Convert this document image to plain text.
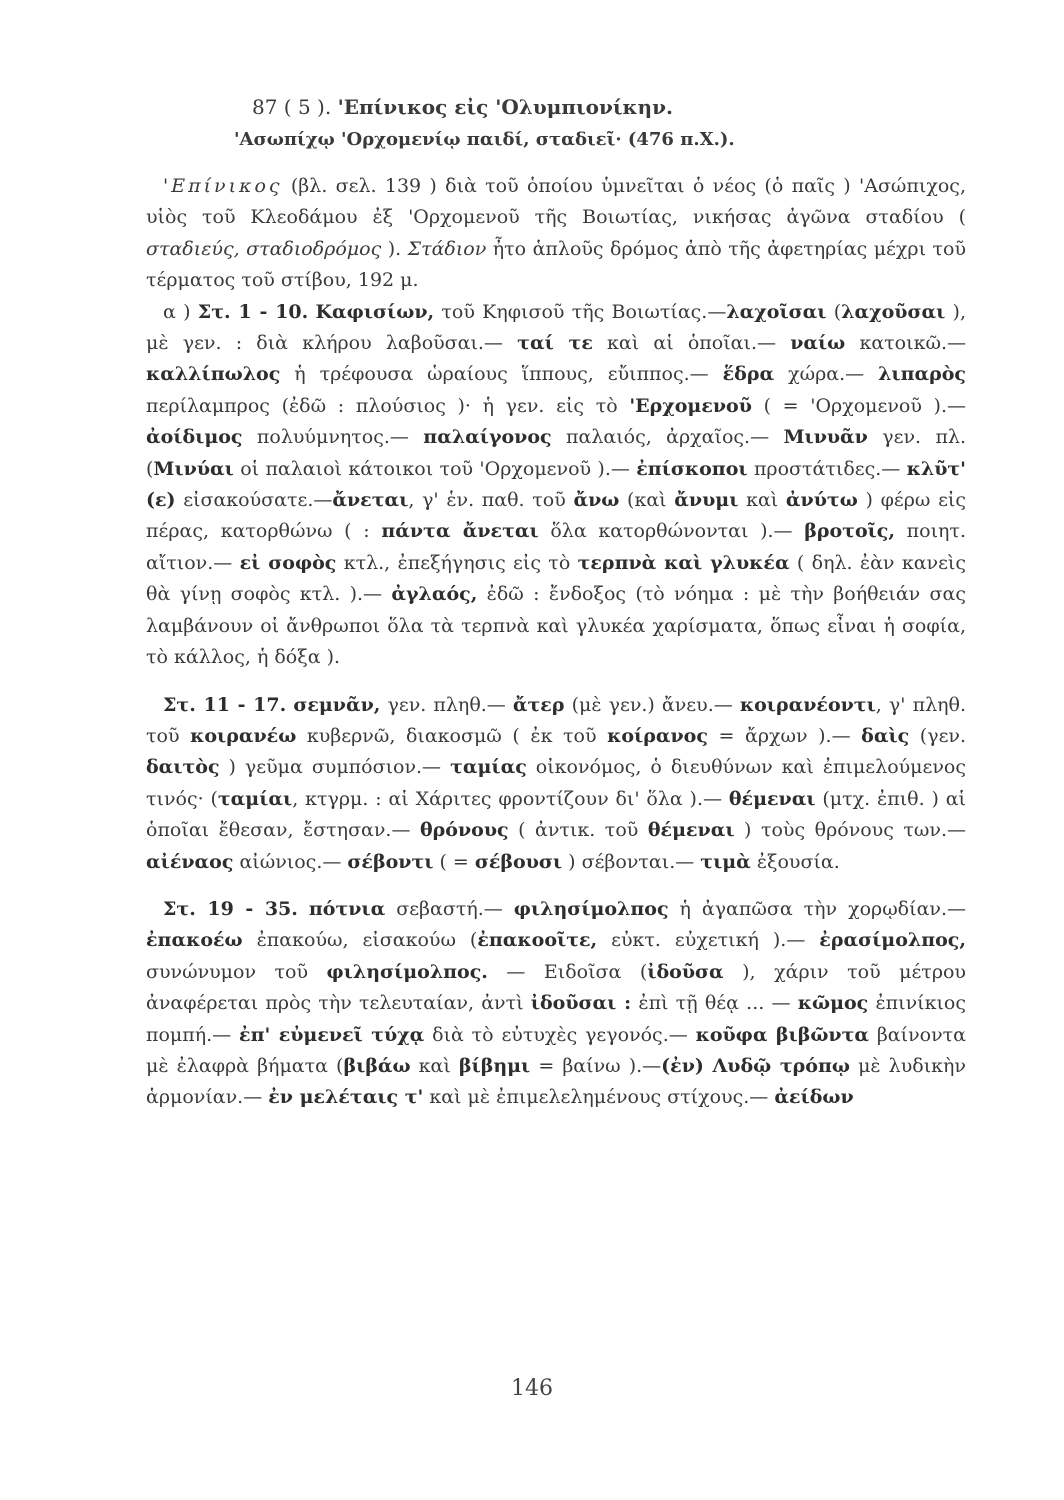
87 ( 5 ). 'Επίνικος εἰς 'Ολυμπιονίκην.
'Ασωπίχῳ 'Ορχομενίῳ παιδί, σταδιεῖ· (476 π.Χ.).

'Επίνικος (βλ. σελ. 139 ) διὰ τοῦ ὁποίου ὑμνεῖται ὁ νέος (ὁ παῖς ) 'Ασώπιχος, υἱὸς τοῦ Κλεοδάμου ἐξ 'Ορχομενοῦ τῆς Βοιωτίας, νικήσας ἀγῶνα σταδίου ( σταδιεύς, σταδιοδρόμος ). Στάδιον ἦτο ἁπλοῦς δρόμος ἀπὸ τῆς ἀφετηρίας μέχρι τοῦ τέρματος τοῦ στίβου, 192 μ.

α ) Στ. 1 - 10. Καφισίων, τοῦ Κηφισοῦ τῆς Βοιωτίας.—λαχοῖσαι (λαχοῦσαι ), μὲ γεν. : διὰ κλήρου λαβοῦσαι.— ταί τε καὶ αἱ ὁποῖαι.— ναίω κατοικῶ.— καλλίπωλος ἡ τρέφουσα ὡραίους ἵππους, εὔιππος.— ἕδρα χώρα.— λιπαρὸς περίλαμπρος (ἐδῶ : πλούσιος )· ἡ γεν. εἰς τὸ 'Ερχομενοῦ ( = 'Ορχομενοῦ ).— ἀοίδιμος πολυύμνητος.— παλαίγονος παλαιός, ἀρχαῖος.— Μινυᾶν γεν. πλ. (Μινύαι οἱ παλαιοὶ κάτοικοι τοῦ 'Ορχομενοῦ ).— ἐπίσκοποι προστάτιδες.— κλῦτ' (ε) εἰσακούσατε.—ἄνεται, γ' ἑν. παθ. τοῦ ἄνω (καὶ ἄνυμι καὶ ἀνύτω ) φέρω εἰς πέρας, κατορθώνω ( : πάντα ἄνεται ὅλα κατορθώνονται ).— βροτοῖς, ποιητ. αἴτιον.— εἰ σοφὸς κτλ., ἐπεξήγησις εἰς τὸ τερπνὰ καὶ γλυκέα ( δηλ. ἐὰν κανεὶς θὰ γίνῃ σοφὸς κτλ. ).— ἀγλαός, ἐδῶ : ἔνδοξος (τὸ νόημα : μὲ τὴν βοήθειάν σας λαμβάνουν οἱ ἄνθρωποι ὅλα τὰ τερπνὰ καὶ γλυκέα χαρίσματα, ὅπως εἶναι ἡ σοφία, τὸ κάλλος, ἡ δόξα ).

Στ. 11 - 17. σεμνᾶν, γεν. πληθ.— ἄτερ (μὲ γεν.) ἄνευ.— κοιρανέοντι, γ' πληθ. τοῦ κοιρανέω κυβερνῶ, διακοσμῶ ( ἐκ τοῦ κοίρανος = ἄρχων ).— δαὶς (γεν. δαιτὸς ) γεῦμα συμπόσιον.— ταμίας οἰκονόμος, ὁ διευθύνων καὶ ἐπιμελούμενος τινός· (ταμίαι, κτγρμ. : αἱ Χάριτες φροντίζουν δι' ὅλα ).— θέμεναι (μτχ. ἐπιθ. ) αἱ ὁποῖαι ἔθεσαν, ἔστησαν.— θρόνους ( ἀντικ. τοῦ θέμεναι ) τοὺς θρόνους των.— αἰέναος αἰώνιος.— σέβοντι ( = σέβουσι ) σέβονται.— τιμὰ ἐξουσία.

Στ. 19 - 35. πότνια σεβαστή.— φιλησίμολπος ἡ ἀγαπῶσα τὴν χορῳδίαν.— ἐπακοέω ἐπακούω, εἰσακούω (ἐπακοοῖτε, εὐκτ. εὐχετική ).— ἐρασίμολπος, συνώνυμον τοῦ φιλησίμολπος. — Ειδοῖσα (ἰδοῦσα ), χάριν τοῦ μέτρου ἀναφέρεται πρὸς τὴν τελευταίαν, ἀντὶ ἰδοῦσαι : ἐπὶ τῇ θέᾳ ... — κῶμος ἐπινίκιος πομπή.— ἐπ' εὐμενεῖ τύχᾳ διὰ τὸ εὐτυχὲς γεγονός.— κοῦφα βιβῶντα βαίνοντα μὲ ἐλαφρὰ βήματα (βιβάω καὶ βίβημι = βαίνω ).—(ἐν) Λυδῷ τρόπῳ μὲ λυδικὴν ἁρμονίαν.— ἐν μελέταις τ' καὶ μὲ ἐπιμελελημένους στίχους.— ἀείδων

146
